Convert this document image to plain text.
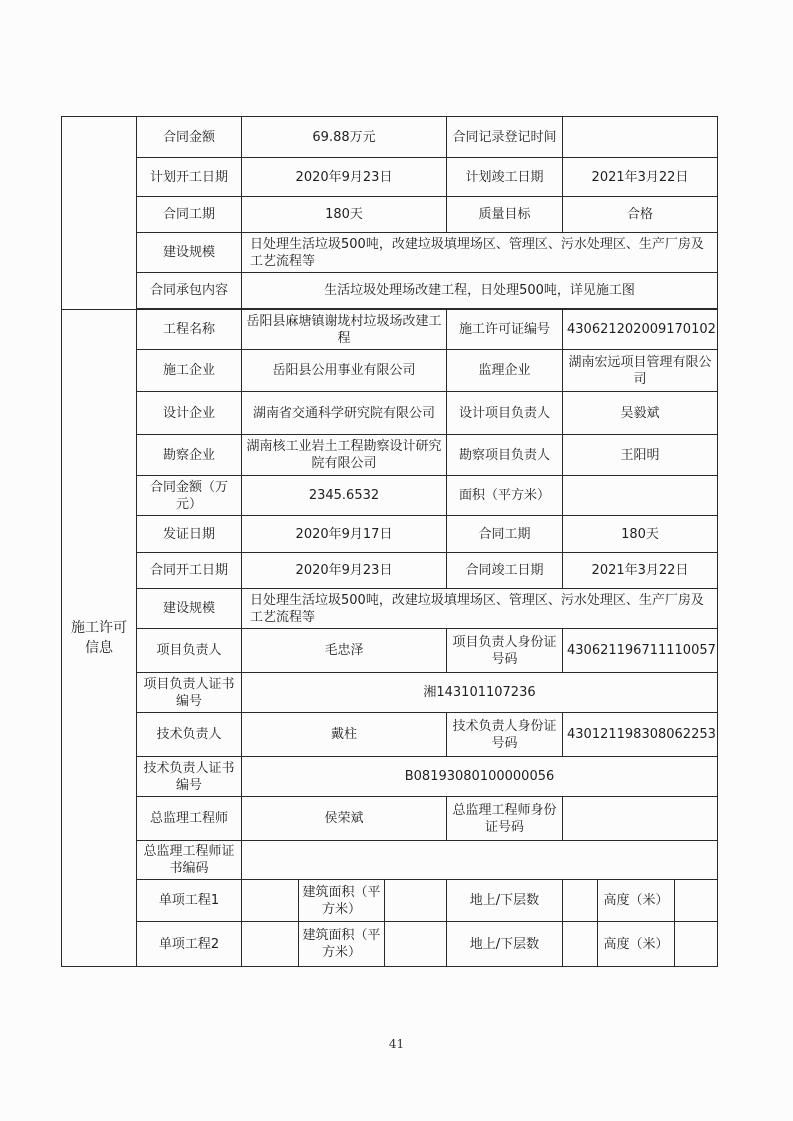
	合同金额	69.88万元	合同记录登记时间	
	计划开工日期	2020年9月23日	计划竣工日期	2021年3月22日
	合同工期	180天	质量目标	合格
	建设规模	日处理生活垃圾500吨，改建垃圾填埋场区、管理区、污水处理区、生产厂房及工艺流程等		
	合同承包内容	生活垃圾处理场改建工程，日处理500吨，详见施工图		

施工许可信息	工程名称	岳阳县麻塘镇谢垅村垃圾场改建工程	施工许可证编号	430621202009170102
	施工企业	岳阳县公用事业有限公司	监理企业	湖南宏远项目管理有限公司
	设计企业	湖南省交通科学研究院有限公司	设计项目负责人	吴毅斌
	勘察企业	湖南核工业岩土工程勘察设计研究院有限公司	勘察项目负责人	王阳明
	合同金额（万元）	2345.6532	面积（平方米）	
	发证日期	2020年9月17日	合同工期	180天
	合同开工日期	2020年9月23日	合同竣工日期	2021年3月22日
	建设规模	日处理生活垃圾500吨，改建垃圾填埋场区、管理区、污水处理区、生产厂房及工艺流程等		
	项目负责人	毛忠泽	项目负责人身份证号码	430621196711110057
	项目负责人证书编号	湘143101107236		
	技术负责人	戴柱	技术负责人身份证号码	430121198308062253
	技术负责人证书编号	B08193080100000056		
	总监理工程师	侯荣斌	总监理工程师身份证号码	
	总监理工程师证书编码			
	单项工程1	建筑面积（平方米）	地上/下层数	高度（米）

	单项工程2	建筑面积（平方米）	地上/下层数	高度（米）
41
